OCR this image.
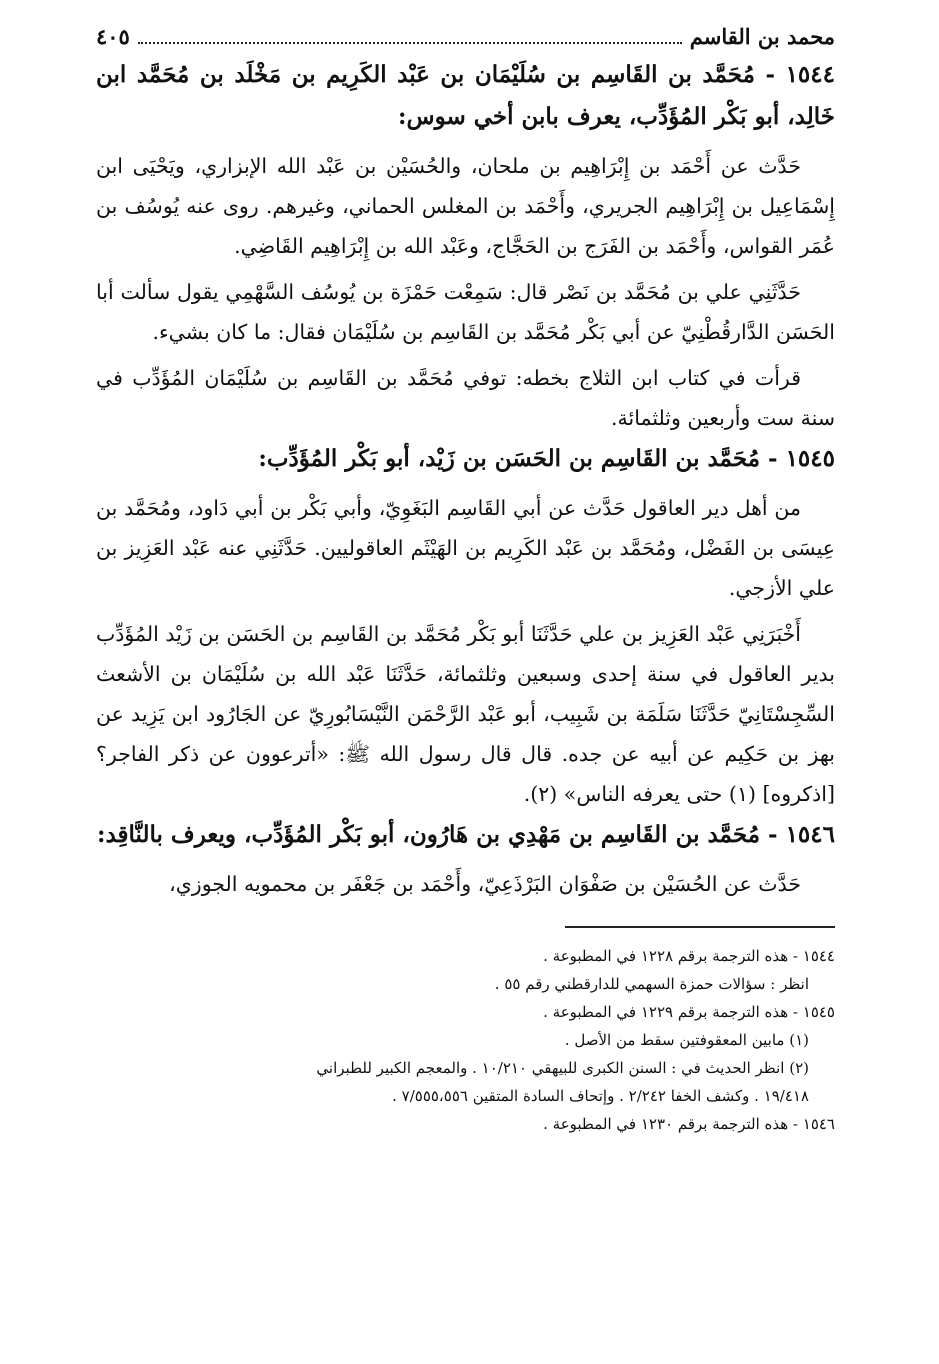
محمد بن القاسم
٤٠٥

١٥٤٤ - مُحَمَّد بن القَاسِم بن سُلَيْمَان بن عَبْد الكَرِيم بن مَخْلَد بن مُحَمَّد ابن خَالِد، أبو بَكْر المُؤَدِّب، يعرف بابن أخي سوس:

حَدَّث عن أَحْمَد بن إِبْرَاهِيم بن ملحان، والحُسَيْن بن عَبْد الله الإبزاري، ويَحْيَى ابن إِسْمَاعِيل بن إِبْرَاهِيم الجريري، وأَحْمَد بن المغلس الحماني، وغيرهم. روى عنه يُوسُف بن عُمَر القواس، وأَحْمَد بن الفَرَج بن الحَجَّاج، وعَبْد الله بن إِبْرَاهِيم القَاضِي.

حَدَّثَنِي علي بن مُحَمَّد بن نَصْر قال: سَمِعْت حَمْزَة بن يُوسُف السَّهْمِي يقول سألت أبا الحَسَن الدَّارقُطْنِيّ عن أبي بَكْر مُحَمَّد بن القَاسِم بن سُلَيْمَان فقال: ما كان بشيء.

قرأت في كتاب ابن الثلاج بخطه: توفي مُحَمَّد بن القَاسِم بن سُلَيْمَان المُؤَدِّب في سنة ست وأربعين وثلثمائة.

١٥٤٥ - مُحَمَّد بن القَاسِم بن الحَسَن بن زَيْد، أبو بَكْر المُؤَدِّب:

من أهل دير العاقول حَدَّث عن أبي القَاسِم البَغَوِيّ، وأبي بَكْر بن أبي دَاود، ومُحَمَّد بن عِيسَى بن الفَضْل، ومُحَمَّد بن عَبْد الكَرِيم بن الهَيْثَم العاقوليين. حَدَّثَنِي عنه عَبْد العَزِيز بن علي الأزجي.

أَخْبَرَنِي عَبْد العَزِيز بن علي حَدَّثَنَا أبو بَكْر مُحَمَّد بن القَاسِم بن الحَسَن بن زَيْد المُؤَدِّب بدير العاقول في سنة إحدى وسبعين وثلثمائة، حَدَّثَنَا عَبْد الله بن سُلَيْمَان بن الأشعث السِّجِسْتَانِيّ حَدَّثَنَا سَلَمَة بن شَبِيب، أبو عَبْد الرَّحْمَن النَّيْسَابُورِيّ عن الجَارُود ابن يَزِيد عن بهز بن حَكِيم عن أبيه عن جده. قال قال رسول الله ﷺ: «أترعوون عن ذكر الفاجر؟ [اذكروه] (١) حتى يعرفه الناس» (٢).

١٥٤٦ - مُحَمَّد بن القَاسِم بن مَهْدِي بن هَارُون، أبو بَكْر المُؤَدِّب، ويعرف بالنَّاقِد:

حَدَّث عن الحُسَيْن بن صَفْوَان البَرْذَعِيّ، وأَحْمَد بن جَعْفَر بن محمويه الجوزي،

١٥٤٤ - هذه الترجمة برقم ١٢٢٨ في المطبوعة .

انظر : سؤالات حمزة السهمي للدارقطني رقم ٥٥ .

١٥٤٥ - هذه الترجمة برقم ١٢٢٩ في المطبوعة .

(١) مابين المعقوفتين سقط من الأصل .

(٢) انظر الحديث في : السنن الكبرى للبيهقي ١٠/٢١٠ . والمعجم الكبير للطبراني

١٩/٤١٨ . وكشف الخفا ٢/٢٤٢ . وإتحاف السادة المتقين ٧/٥٥٥،٥٥٦ .

١٥٤٦ - هذه الترجمة برقم ١٢٣٠ في المطبوعة .
